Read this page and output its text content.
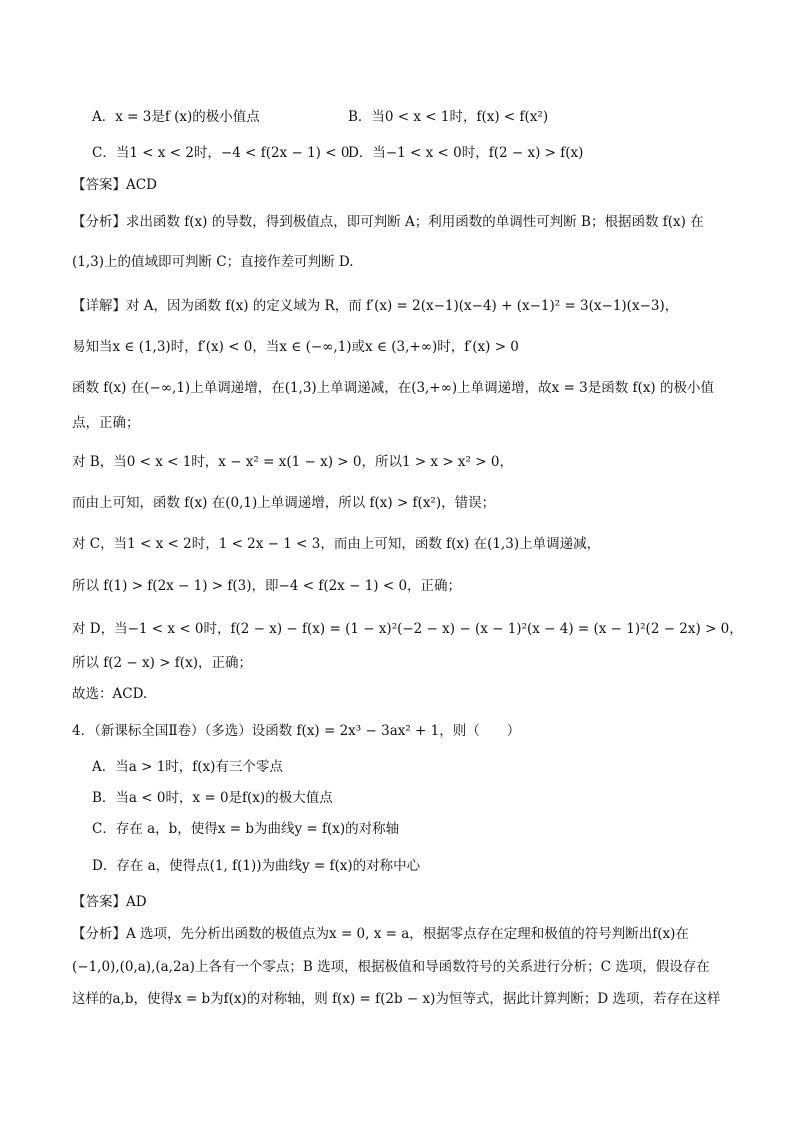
A．x = 3是f (x)的极小值点	B．当0 < x < 1时，f(x) < f(x²)
C．当1 < x < 2时，−4 < f(2x − 1) < 0
D．当−1 < x < 0时，f(2 − x) > f(x)
【答案】ACD
【分析】求出函数 f(x) 的导数，得到极值点，即可判断 A；利用函数的单调性可判断 B；根据函数 f(x) 在
(1,3)上的值域即可判断 C；直接作差可判断 D.
【详解】对 A，因为函数 f(x) 的定义域为 R，而 f′(x) = 2(x−1)(x−4) + (x−1)² = 3(x−1)(x−3)，
易知当x ∈ (1,3)时，f′(x) < 0，当x ∈ (−∞,1)或x ∈ (3,+∞)时，f′(x) > 0
函数 f(x) 在(−∞,1)上单调递增，在(1,3)上单调递减，在(3,+∞)上单调递增，故x = 3是函数 f(x) 的极小值
点，正确；
对 B，当0 < x < 1时，x − x² = x(1 − x) > 0，所以1 > x > x² > 0，
而由上可知，函数 f(x) 在(0,1)上单调递增，所以 f(x) > f(x²)，错误；
对 C，当1 < x < 2时，1 < 2x − 1 < 3，而由上可知，函数 f(x) 在(1,3)上单调递减，
所以 f(1) > f(2x − 1) > f(3)，即−4 < f(2x − 1) < 0，正确；
对 D，当−1 < x < 0时，f(2 − x) − f(x) = (1 − x)²(−2 − x) − (x − 1)²(x − 4) = (x − 1)²(2 − 2x) > 0，
所以 f(2 − x) > f(x)，正确；
故选：ACD.
4．（新课标全国Ⅱ卷）（多选）设函数 f(x) = 2x³ − 3ax² + 1，则（　　）
A．当a > 1时，f(x)有三个零点
B．当a < 0时，x = 0是f(x)的极大值点
C．存在 a，b，使得x = b为曲线y = f(x)的对称轴
D．存在 a，使得点(1, f(1))为曲线y = f(x)的对称中心
【答案】AD
【分析】A 选项，先分析出函数的极值点为x = 0, x = a，根据零点存在定理和极值的符号判断出f(x)在
(−1,0),(0,a),(a,2a)上各有一个零点；B 选项，根据极值和导函数符号的关系进行分析；C 选项，假设存在
这样的a,b，使得x = b为f(x)的对称轴，则 f(x) = f(2b − x)为恒等式，据此计算判断；D 选项，若存在这样
